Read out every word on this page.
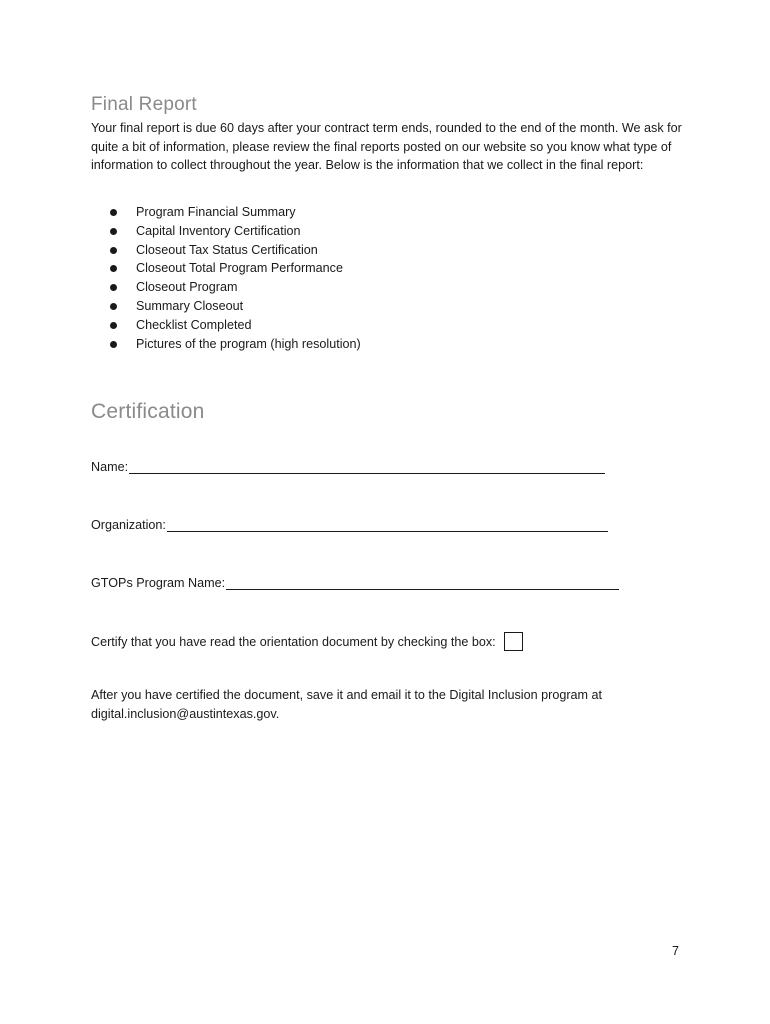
Final Report

Your final report is due 60 days after your contract term ends, rounded to the end of the month. We ask for quite a bit of information, please review the final reports posted on our website so you know what type of information to collect throughout the year. Below is the information that we collect in the final report:

Program Financial Summary
Capital Inventory Certification
Closeout Tax Status Certification
Closeout Total Program Performance
Closeout Program
Summary Closeout
Checklist Completed
Pictures of the program (high resolution)
Certification
Name:
Organization:
GTOPs Program Name:
Certify that you have read the orientation document by checking the box:

After you have certified the document, save it and email it to the Digital Inclusion program at digital.inclusion@austintexas.gov.

7
